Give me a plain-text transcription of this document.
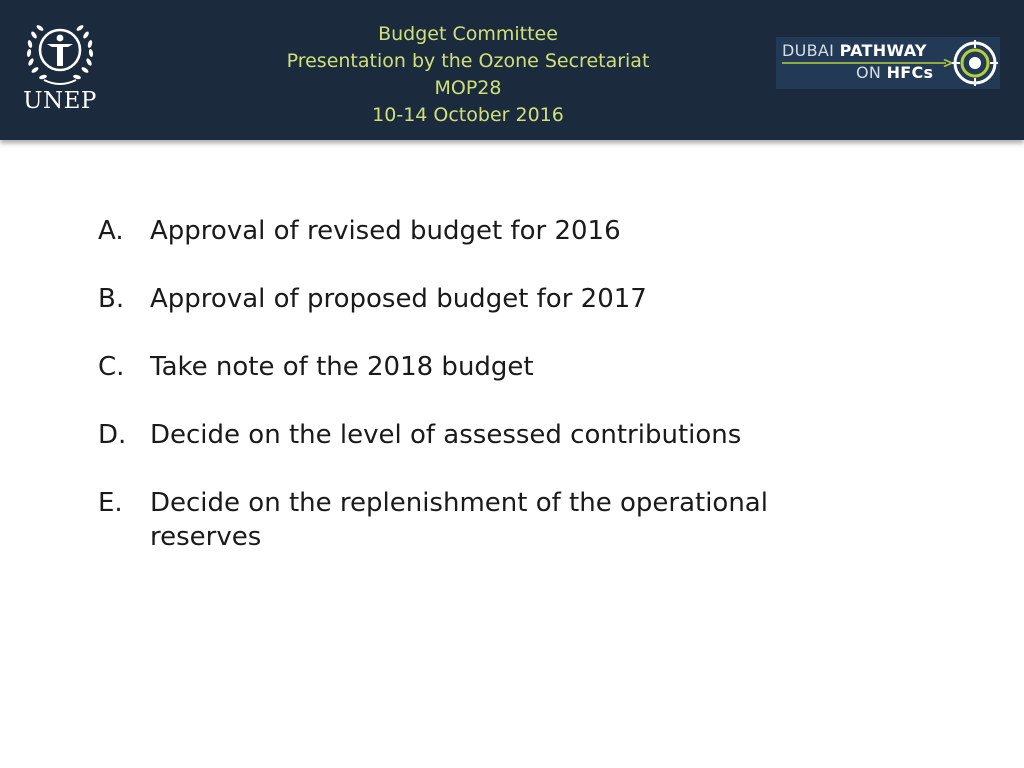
UNEP
Budget Committee
Presentation by the Ozone Secretariat
MOP28
10-14 October 2016
DUBAI PATHWAY
ON HFCs
A.	Approval of revised budget for 2016
B. Approval of proposed budget for 2017
C. Take note of the 2018 budget
D. Decide on the level of assessed contributions
E.	Decide on the replenishment of the operational reserves
